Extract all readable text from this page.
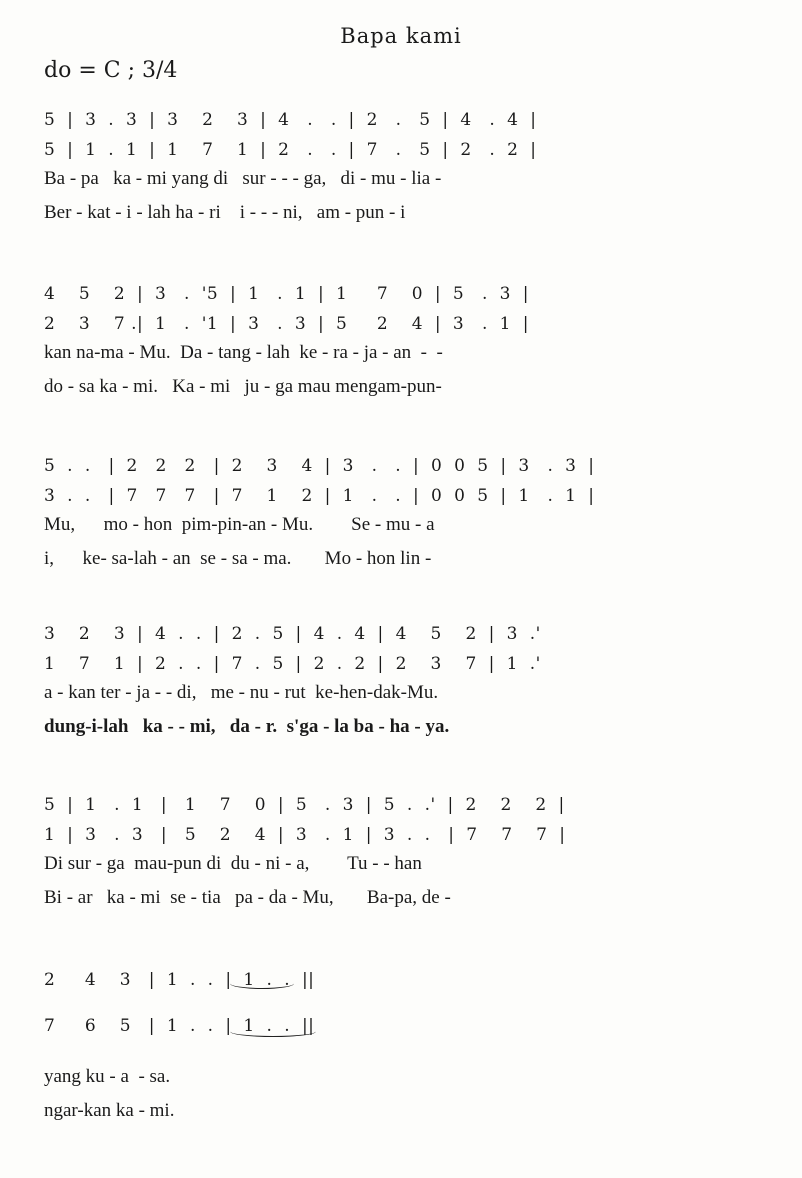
Bapa kami
do = C ; 3/4
5  |  3  .  3  |  3    2    3  |  4   .   .  |  2   .   5  |  4   .  4  |
5  |  1  .  1  |  1    7    1  |  2   .   .  |  7   .   5  |  2   .  2  |
Ba - pa   ka - mi yang di   sur - - - ga,   di - mu - lia -
Ber - kat - i - lah ha - ri    i - - - ni,   am - pun - i
4    5    2  |  3   .  '5  |  1   .  1  |  1     7    0  |  5   .  3  |
2    3    7 .|  1   .  '1  |  3   .  3  |  5     2    4  |  3   .  1  |
kan na-ma - Mu.  Da - tang - lah  ke - ra - ja - an  -  -
do - sa ka - mi.   Ka - mi   ju - ga mau mengam-pun-
5  .  .   |  2   2   2   |  2    3    4  |  3   .   .  |  0  0  5  |  3   .  3  |
3  .  .   |  7   7   7   |  7    1    2  |  1   .   .  |  0  0  5  |  1   .  1  |
Mu,      mo - hon  pim-pin-an - Mu.        Se - mu - a
i,      ke- sa-lah - an  se - sa - ma.       Mo - hon lin -
3    2    3  |  4  .  .  |  2  .  5  |  4  .  4  |  4    5    2  |  3  .'
1    7    1  |  2  .  .  |  7  .  5  |  2  .  2  |  2    3    7  |  1  .'
a - kan ter - ja - - di,   me - nu - rut  ke-hen-dak-Mu.
dung-i-lah   ka - - mi,   da - r.  s'ga - la ba - ha - ya.
5  |  1   .  1   |   1    7    0  |  5   .  3  |  5  .  .'  |  2    2    2  |
1  |  3   .  3   |   5    2    4  |  3   .  1  |  3  .  .   |  7    7    7  |
Di sur - ga  mau-pun di  du - ni - a,        Tu - - han
Bi - ar   ka - mi  se - tia   pa - da - Mu,       Ba-pa, de -
2     4    3   |  1  .  .  |  1  .  .  ||
7     6    5   |  1  .  .  |  1  .  .  ||
yang ku - a  - sa.
ngar-kan ka - mi.
